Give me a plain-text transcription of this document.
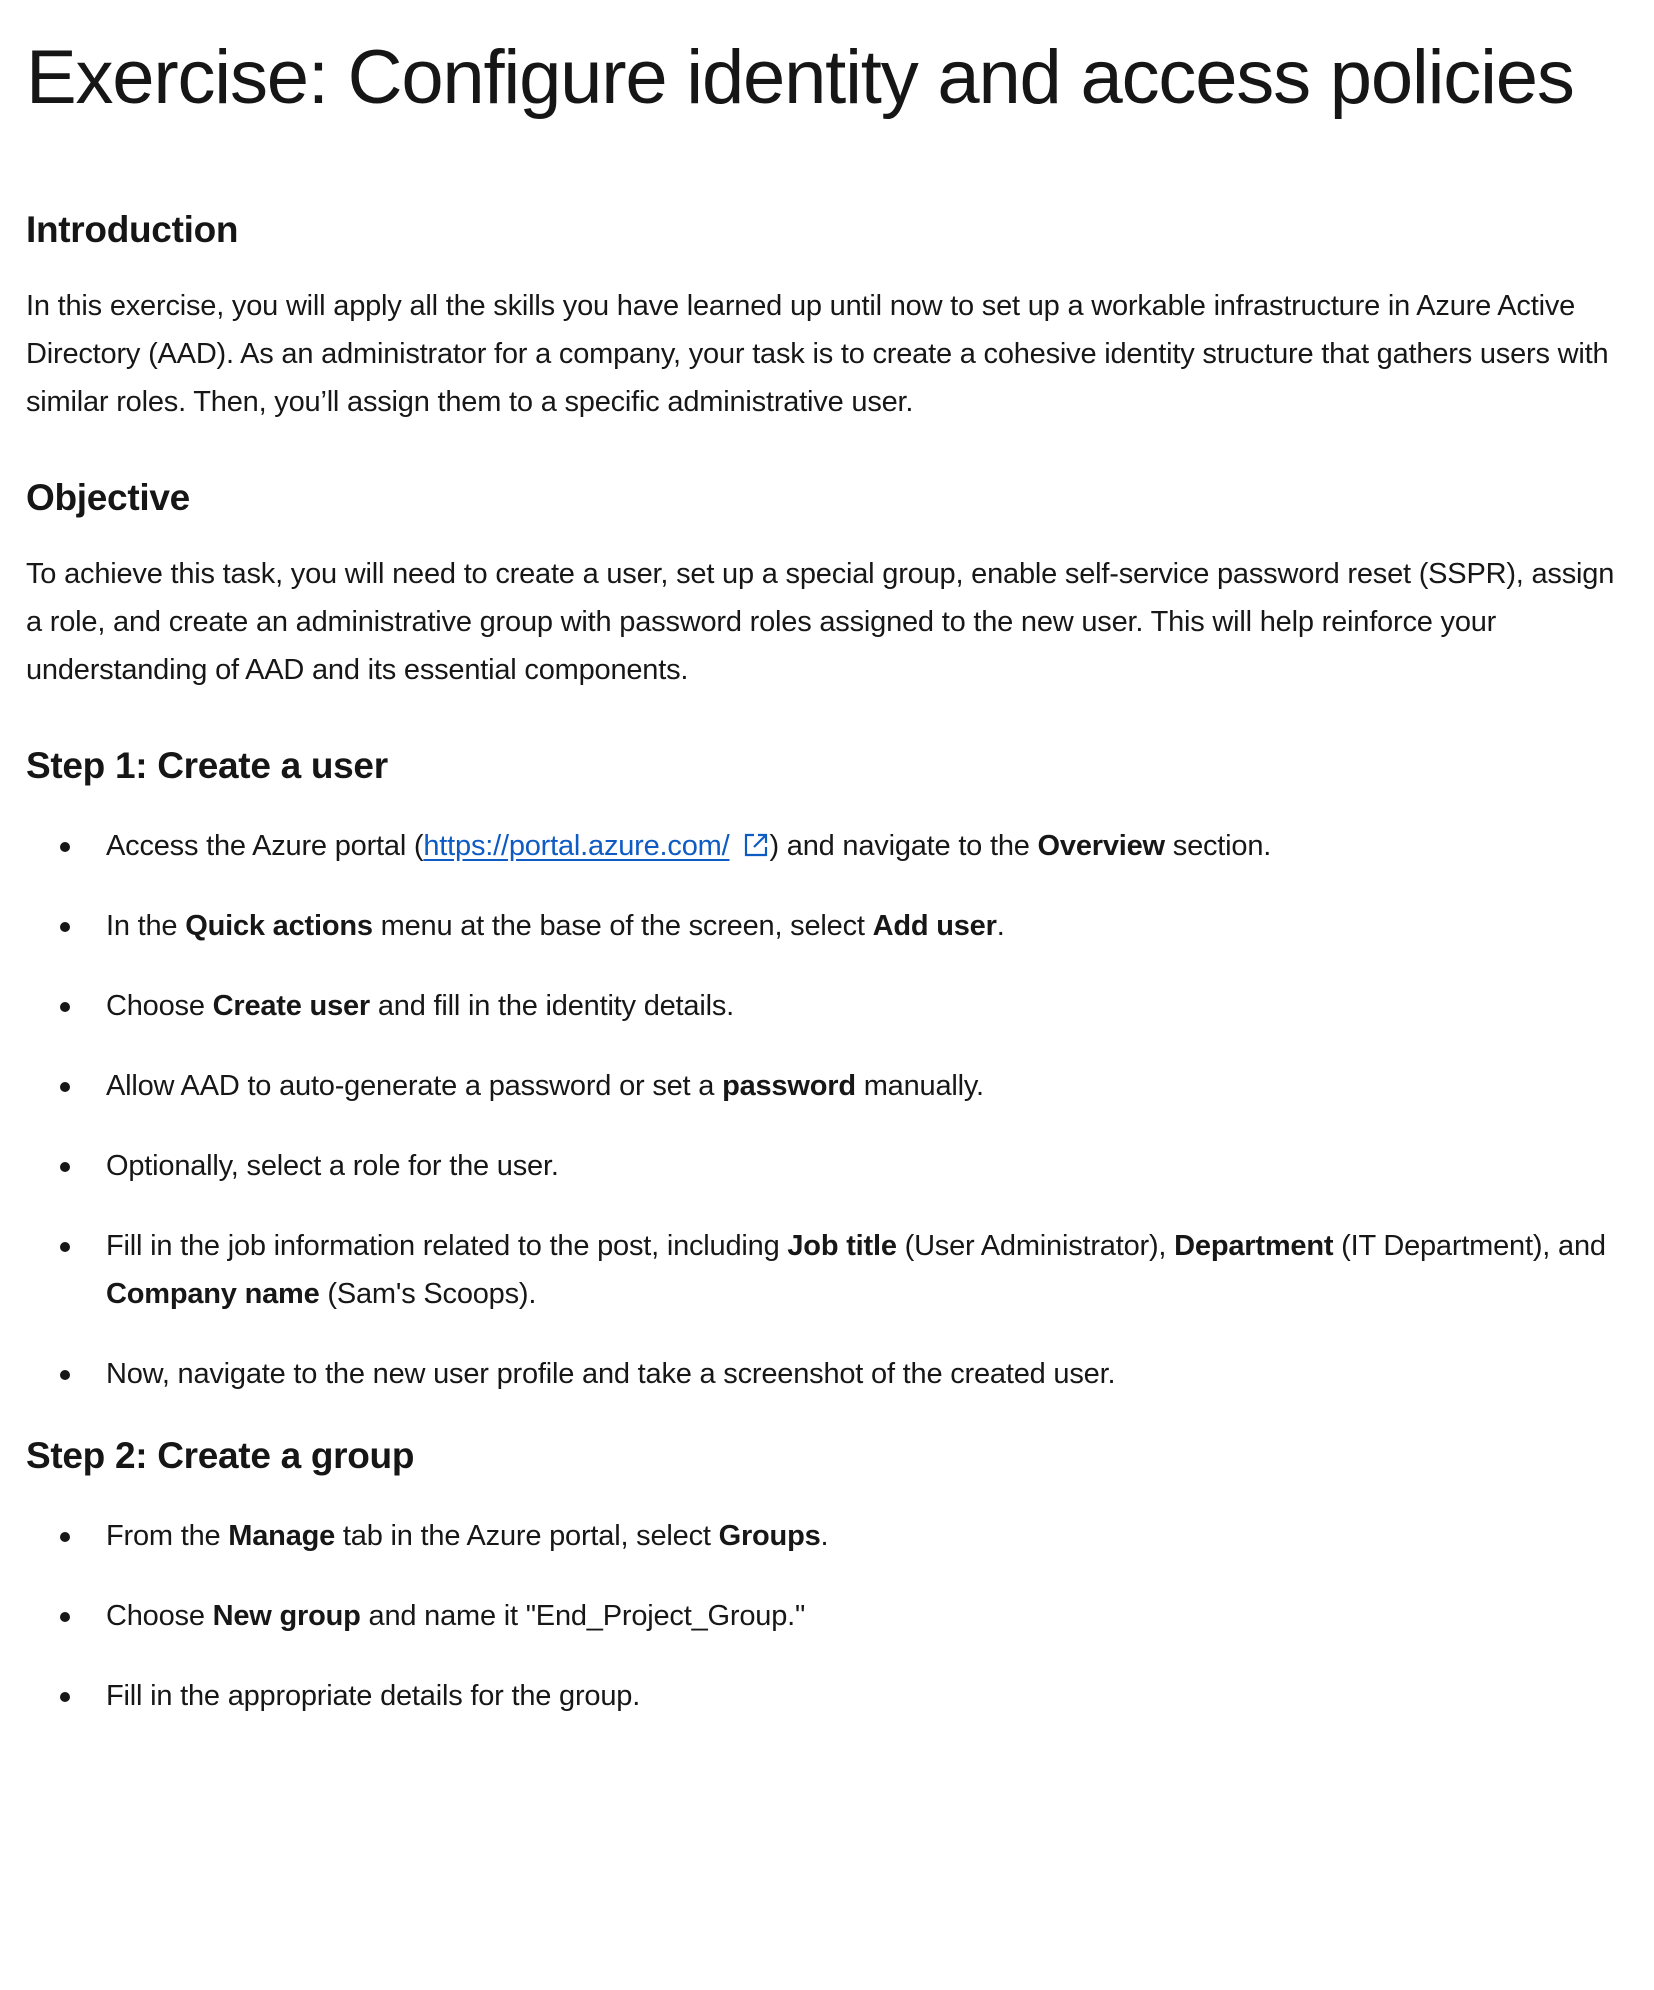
Exercise: Configure identity and access policies
Introduction

In this exercise, you will apply all the skills you have learned up until now to set up a workable infrastructure in Azure Active Directory (AAD). As an administrator for a company, your task is to create a cohesive identity structure that gathers users with similar roles. Then, you’ll assign them to a specific administrative user.

Objective

To achieve this task, you will need to create a user, set up a special group, enable self-service password reset (SSPR), assign a role, and create an administrative group with password roles assigned to the new user. This will help reinforce your understanding of AAD and its essential components.

Step 1: Create a user
Access the Azure portal (https://portal.azure.com/ ) and navigate to the Overview section.
In the Quick actions menu at the base of the screen, select Add user.
Choose Create user and fill in the identity details.
Allow AAD to auto-generate a password or set a password manually.
Optionally, select a role for the user.
Fill in the job information related to the post, including Job title (User Administrator), Department (IT Department), and Company name (Sam's Scoops).
Now, navigate to the new user profile and take a screenshot of the created user.
Step 2: Create a group
From the Manage tab in the Azure portal, select Groups.
Choose New group and name it "End_Project_Group."
Fill in the appropriate details for the group.
